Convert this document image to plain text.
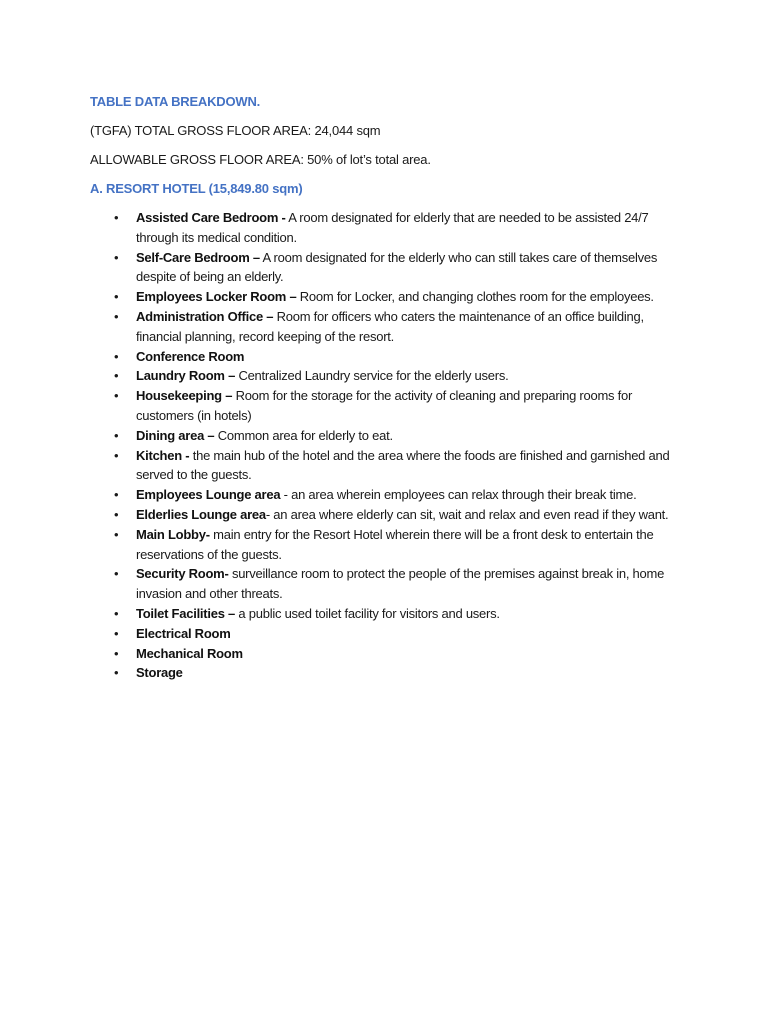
TABLE DATA BREAKDOWN.
(TGFA) TOTAL GROSS FLOOR AREA: 24,044 sqm
ALLOWABLE GROSS FLOOR AREA: 50% of lot’s total area.
A. RESORT HOTEL (15,849.80 sqm)
• Assisted Care Bedroom - A room designated for elderly that are needed to be assisted 24/7 through its medical condition.
• Self-Care Bedroom – A room designated for the elderly who can still takes care of themselves despite of being an elderly.
• Employees Locker Room – Room for Locker, and changing clothes room for the employees.
• Administration Office – Room for officers who caters the maintenance of an office building, financial planning, record keeping of the resort.
• Conference Room
• Laundry Room – Centralized Laundry service for the elderly users.
• Housekeeping – Room for the storage for the activity of cleaning and preparing rooms for customers (in hotels)
• Dining area – Common area for elderly to eat.
• Kitchen - the main hub of the hotel and the area where the foods are finished and garnished and served to the guests.
• Employees Lounge area - an area wherein employees can relax through their break time.
• Elderlies Lounge area- an area where elderly can sit, wait and relax and even read if they want.
• Main Lobby- main entry for the Resort Hotel wherein there will be a front desk to entertain the reservations of the guests.
• Security Room- surveillance room to protect the people of the premises against break in, home invasion and other threats.
• Toilet Facilities – a public used toilet facility for visitors and users.
• Electrical Room
• Mechanical Room
• Storage
